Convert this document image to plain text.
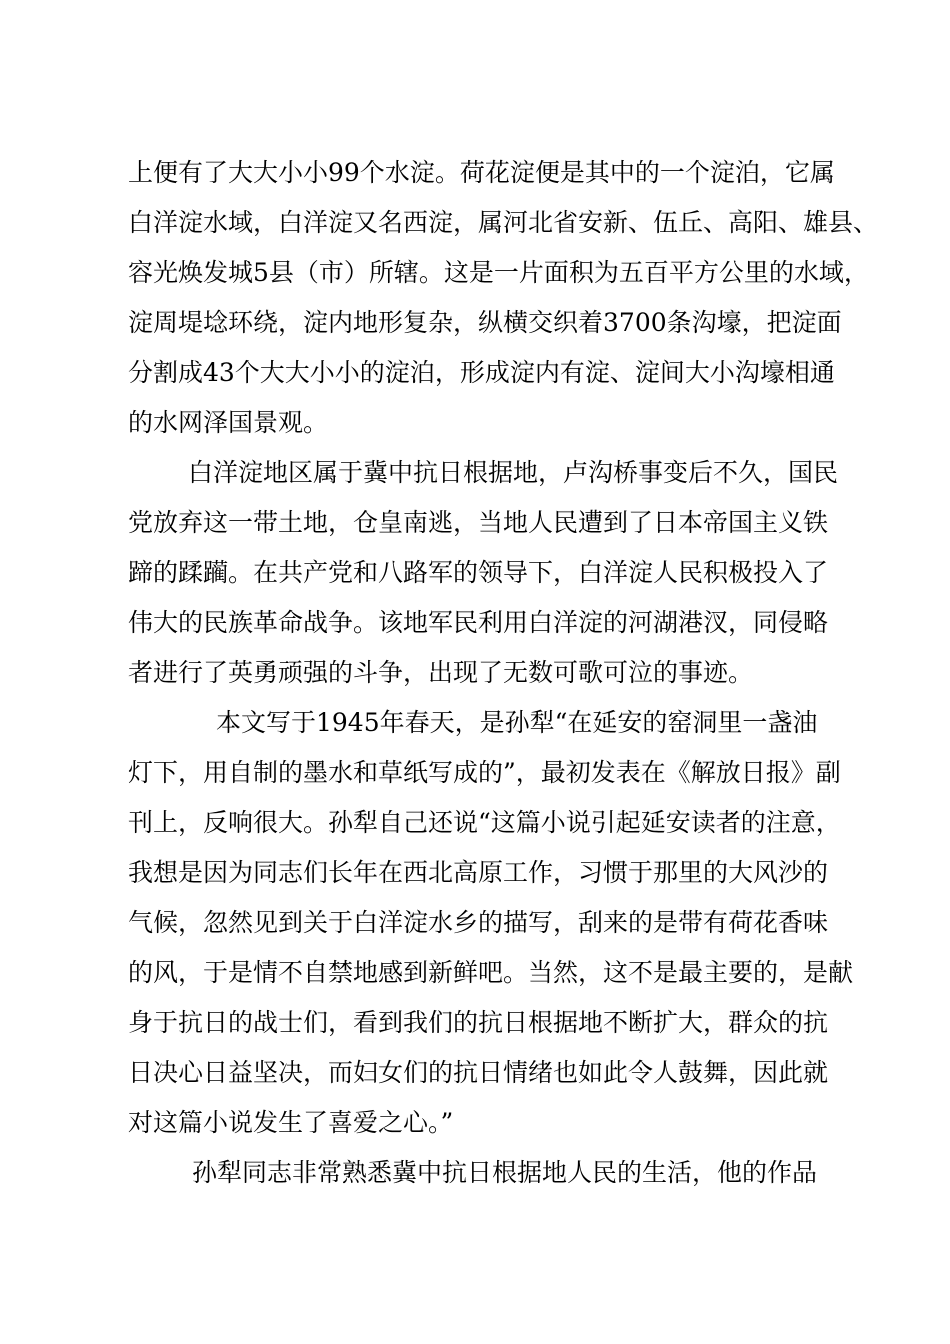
上便有了大大小小99个水淀。荷花淀便是其中的一个淀泊，它属
白洋淀水域，白洋淀又名西淀，属河北省安新、伍丘、高阳、雄县、
容光焕发城5县（市）所辖。这是一片面积为五百平方公里的水域，
淀周堤埝环绕，淀内地形复杂，纵横交织着3700条沟壕，把淀面
分割成43个大大小小的淀泊，形成淀内有淀、淀间大小沟壕相通
的水网泽国景观。
白洋淀地区属于冀中抗日根据地，卢沟桥事变后不久，国民
党放弃这一带土地，仓皇南逃，当地人民遭到了日本帝国主义铁
蹄的蹂躏。在共产党和八路军的领导下，白洋淀人民积极投入了
伟大的民族革命战争。该地军民利用白洋淀的河湖港汊，同侵略
者进行了英勇顽强的斗争，出现了无数可歌可泣的事迹。
本文写于1945年春天，是孙犁“在延安的窑洞里一盏油
灯下，用自制的墨水和草纸写成的”，最初发表在《解放日报》副
刊上，反响很大。孙犁自己还说“这篇小说引起延安读者的注意，
我想是因为同志们长年在西北高原工作，习惯于那里的大风沙的
气候，忽然见到关于白洋淀水乡的描写，刮来的是带有荷花香味
的风，于是情不自禁地感到新鲜吧。当然，这不是最主要的，是献
身于抗日的战士们，看到我们的抗日根据地不断扩大，群众的抗
日决心日益坚决，而妇女们的抗日情绪也如此令人鼓舞，因此就
对这篇小说发生了喜爱之心。”
孙犁同志非常熟悉冀中抗日根据地人民的生活，他的作品
